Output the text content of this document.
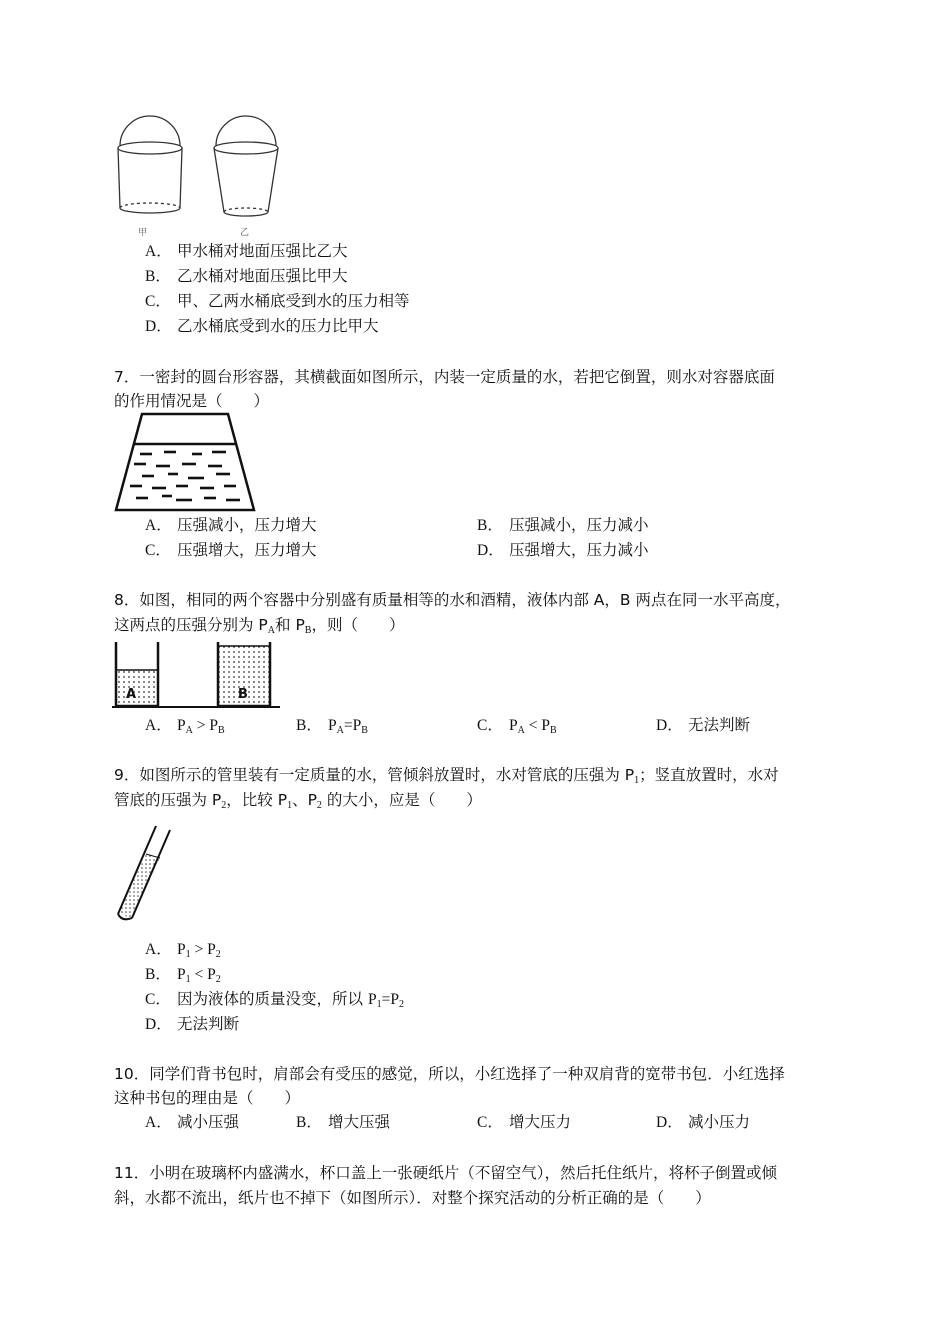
甲	乙
A． 甲水桶对地面压强比乙大
B． 乙水桶对地面压强比甲大
C． 甲、乙两水桶底受到水的压力相等
D． 乙水桶底受到水的压力比甲大
7．一密封的圆台形容器，其横截面如图所示，内装一定质量的水，若把它倒置，则水对容器底面
的作用情况是（　　）
A． 压强减小，压力增大	B． 压强减小，压力减小
C． 压强增大，压力增大	D． 压强增大，压力减小
8．如图，相同的两个容器中分别盛有质量相等的水和酒精，液体内部 A，B 两点在同一水平高度，
这两点的压强分别为 $P_A$和 $P_B$，则（　　）
A	B
A． $P_A > P_B$	B． $P_A=P_B$	C． $P_A < P_B$	D． 无法判断
9．如图所示的管里装有一定质量的水，管倾斜放置时，水对管底的压强为 $P_1$；竖直放置时，水对
管底的压强为 $P_2$，比较 $P_1$、$P_2$ 的大小，应是（　　）
A． $P_1 > P_2$
B． $P_1 < P_2$
C． 因为液体的质量没变，所以 $P_1=P_2$
D． 无法判断
10．同学们背书包时，肩部会有受压的感觉，所以，小红选择了一种双肩背的宽带书包．小红选择
这种书包的理由是（　　）
A． 减小压强	B． 增大压强	C． 增大压力	D． 减小压力
11．小明在玻璃杯内盛满水，杯口盖上一张硬纸片（不留空气），然后托住纸片，将杯子倒置或倾
斜，水都不流出，纸片也不掉下（如图所示）．对整个探究活动的分析正确的是（　　）
